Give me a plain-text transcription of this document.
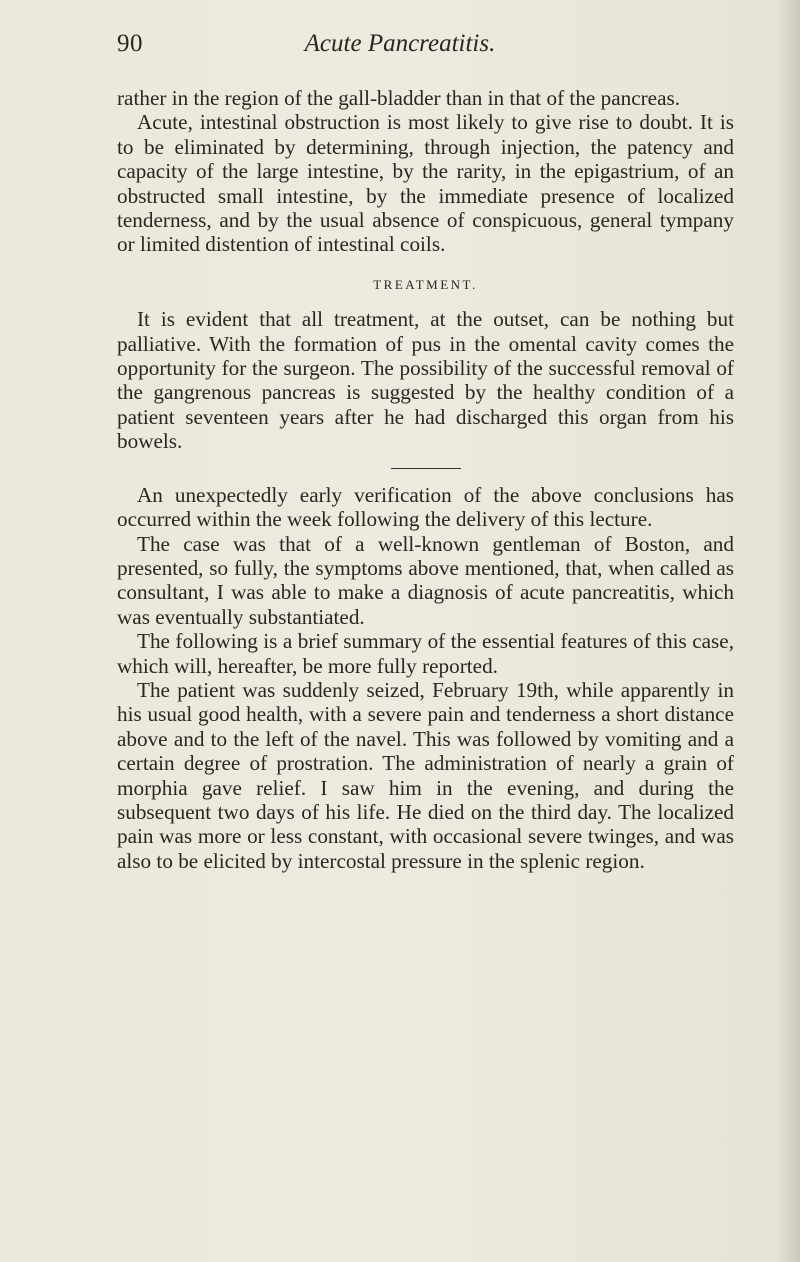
90	Acute Pancreatitis.

rather in the region of the gall-bladder than in that of the pancreas.

Acute, intestinal obstruction is most likely to give rise to doubt. It is to be eliminated by determining, through injection, the patency and capacity of the large intestine, by the rarity, in the epigastrium, of an obstructed small intestine, by the immediate presence of localized tenderness, and by the usual absence of conspicuous, general tympany or limited distention of intestinal coils.

TREATMENT.

It is evident that all treatment, at the outset, can be nothing but palliative. With the formation of pus in the omental cavity comes the opportunity for the surgeon. The possibility of the successful removal of the gangrenous pancreas is suggested by the healthy condition of a patient seventeen years after he had discharged this organ from his bowels.

An unexpectedly early verification of the above conclusions has occurred within the week following the delivery of this lecture.

The case was that of a well-known gentleman of Boston, and presented, so fully, the symptoms above mentioned, that, when called as consultant, I was able to make a diagnosis of acute pancreatitis, which was eventually substantiated.

The following is a brief summary of the essential features of this case, which will, hereafter, be more fully reported.

The patient was suddenly seized, February 19th, while apparently in his usual good health, with a severe pain and tenderness a short distance above and to the left of the navel. This was followed by vomiting and a certain degree of prostration. The administration of nearly a grain of morphia gave relief. I saw him in the evening, and during the subsequent two days of his life. He died on the third day. The localized pain was more or less constant, with occasional severe twinges, and was also to be elicited by intercostal pressure in the splenic region.
